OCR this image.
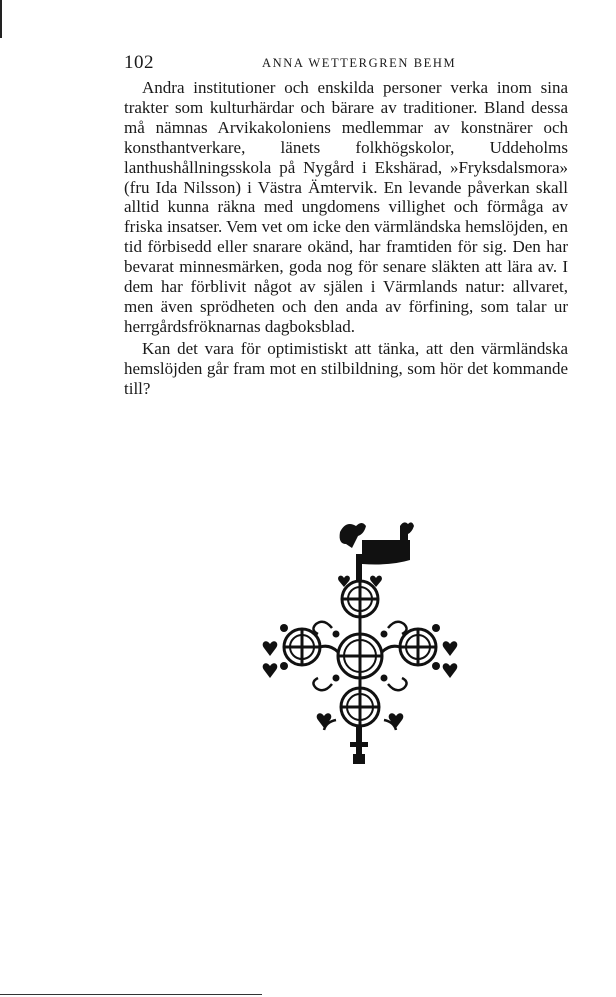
102	ANNA WETTERGREN BEHM

Andra institutioner och enskilda personer verka inom sina trakter som kulturhärdar och bärare av traditioner. Bland dessa må nämnas Arvikakoloniens medlemmar av konstnärer och konsthantverkare, länets folkhögskolor, Uddeholms lanthushållningsskola på Nygård i Ekshärad, »Fryksdalsmora» (fru Ida Nilsson) i Västra Ämtervik. En levande påverkan skall alltid kunna räkna med ungdomens villighet och förmåga av friska insatser. Vem vet om icke den värmländska hemslöjden, en tid förbisedd eller snarare okänd, har framtiden för sig. Den har bevarat minnesmärken, goda nog för senare släkten att lära av. I dem har förblivit något av själen i Värmlands natur: allvaret, men även sprödheten och den anda av förfining, som talar ur herrgårdsfröknarnas dagboksblad.

Kan det vara för optimistiskt att tänka, att den värmländska hemslöjden går fram mot en stilbildning, som hör det kommande till?
